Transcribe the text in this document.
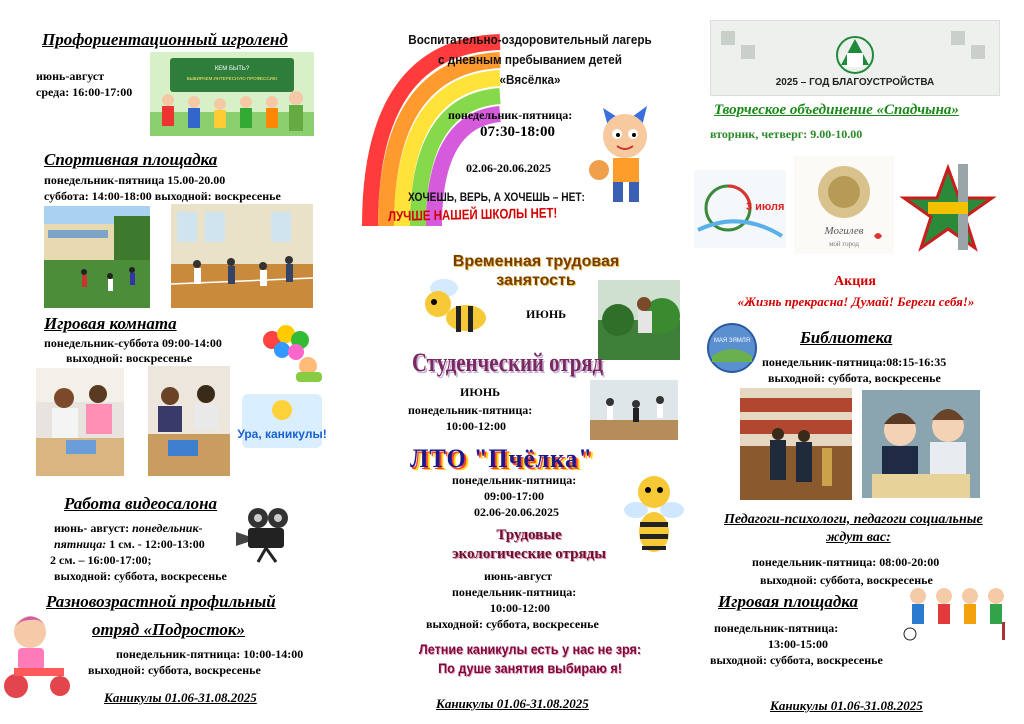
Профориентационный игроленд
июнь-август
среда: 16:00-17:00
КЕМ БЫТЬ?
ВЫБИРАЕМ ИНТЕРЕСНУЮ ПРОФЕССИЮ
Спортивная площадка
понедельник-пятница 15.00-20.00
суббота: 14:00-18:00 выходной: воскресенье
Игровая комната
понедельник-суббота 09:00-14:00
выходной: воскресенье
Ура, каникулы!
Работа видеосалона
июнь- август: понедельник-
пятница: 1 см. - 12:00-13:00
2 см. – 16:00-17:00;
выходной: суббота, воскресенье
Разновозрастной профильный
отряд «Подросток»
понедельник-пятница: 10:00-14:00
выходной: суббота, воскресенье
Каникулы 01.06-31.08.2025
Воспитательно-оздоровительный лагерь
с дневным пребыванием детей
«Вясёлка»
понедельник-пятница:
07:30-18:00
02.06-20.06.2025
ХОЧЕШЬ, ВЕРЬ, А ХОЧЕШЬ – НЕТ:
ЛУЧШЕ НАШЕЙ ШКОЛЫ НЕТ!
Временная трудовая
занятость
ИЮНЬ
Студенческий отряд
ИЮНЬ
понедельник-пятница:
10:00-12:00
ЛТО "Пчёлка"
понедельник-пятница:
09:00-17:00
02.06-20.06.2025
Трудовые
экологические отряды
июнь-август
понедельник-пятница:
10:00-12:00
выходной: суббота, воскресенье
Летние каникулы есть у нас не зря:
По душе занятия выбираю я!
Каникулы 01.06-31.08.2025
2025 – ГОД БЛАГОУСТРОЙСТВА
Творческое объединение «Спадчына»
вторник, четверг: 9.00-10.00
3 июля
Могилев
мой город
Акция
«Жизнь прекрасна! Думай! Береги себя!»
МАЯ ЗЯМЛЯ	Библиотека
понедельник-пятница:08:15-16:35
выходной: суббота, воскресенье
Педагоги-психологи, педагоги социальные
ждут вас:
понедельник-пятница: 08:00-20:00
выходной: суббота, воскресенье
Игровая площадка
понедельник-пятница:
13:00-15:00
выходной: суббота, воскресенье
Каникулы 01.06-31.08.2025
